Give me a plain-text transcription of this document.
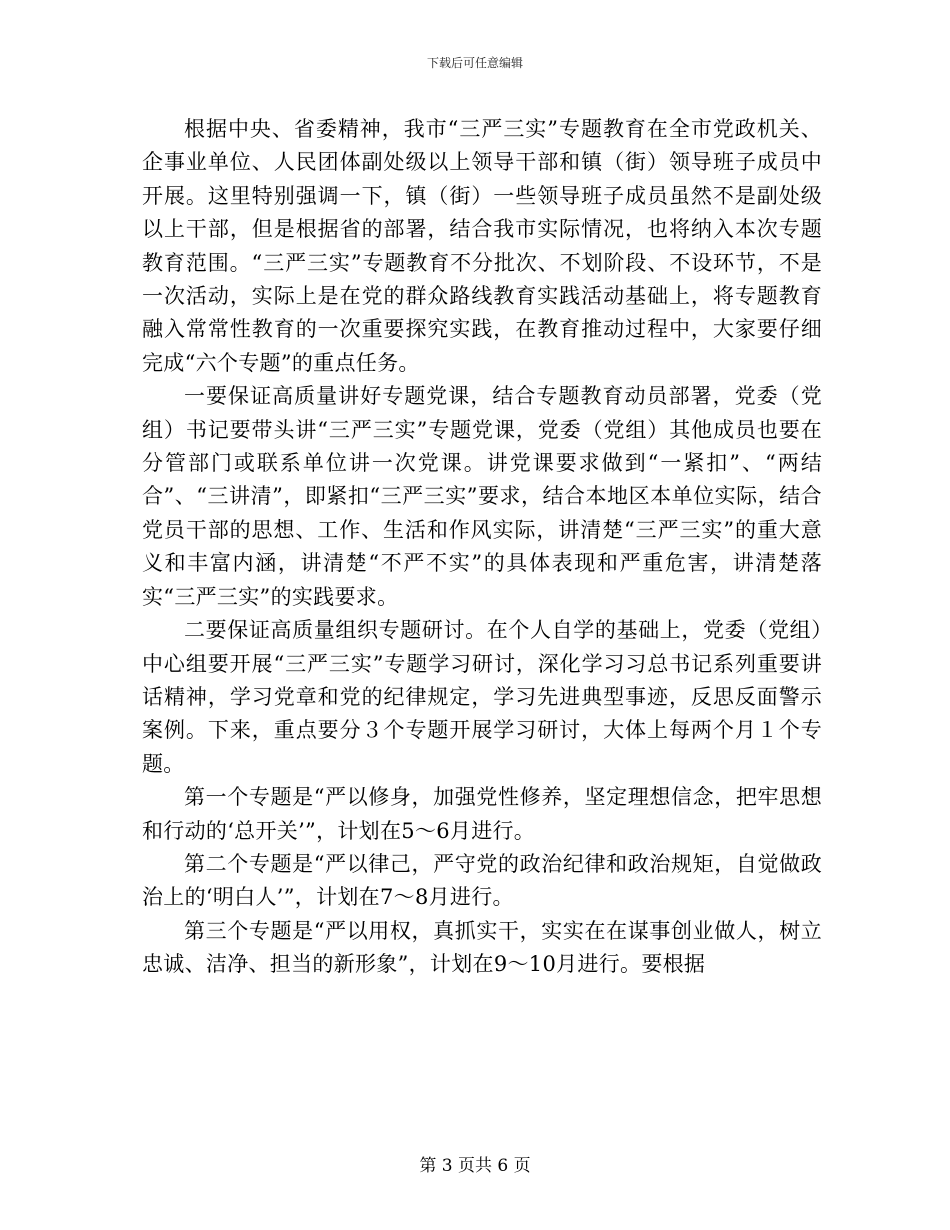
下载后可任意编辑

根据中央、省委精神，我市“三严三实”专题教育在全市党政机关、企事业单位、人民团体副处级以上领导干部和镇（街）领导班子成员中开展。这里特别强调一下，镇（街）一些领导班子成员虽然不是副处级以上干部，但是根据省的部署，结合我市实际情况，也将纳入本次专题教育范围。“三严三实”专题教育不分批次、不划阶段、不设环节，不是一次活动，实际上是在党的群众路线教育实践活动基础上，将专题教育融入常常性教育的一次重要探究实践，在教育推动过程中，大家要仔细完成“六个专题”的重点任务。

一要保证高质量讲好专题党课，结合专题教育动员部署，党委（党组）书记要带头讲“三严三实”专题党课，党委（党组）其他成员也要在分管部门或联系单位讲一次党课。讲党课要求做到“一紧扣”、“两结合”、“三讲清”，即紧扣“三严三实”要求，结合本地区本单位实际，结合党员干部的思想、工作、生活和作风实际，讲清楚“三严三实”的重大意义和丰富内涵，讲清楚“不严不实”的具体表现和严重危害，讲清楚落实“三严三实”的实践要求。

二要保证高质量组织专题研讨。在个人自学的基础上，党委（党组）中心组要开展“三严三实”专题学习研讨，深化学习习总书记系列重要讲话精神，学习党章和党的纪律规定，学习先进典型事迹，反思反面警示案例。下来，重点要分３个专题开展学习研讨，大体上每两个月１个专题。

第一个专题是“严以修身，加强党性修养，坚定理想信念，把牢思想和行动的‘总开关’”，计划在5～6月进行。

第二个专题是“严以律己，严守党的政治纪律和政治规矩，自觉做政治上的‘明白人’”，计划在7～8月进行。

第三个专题是“严以用权，真抓实干，实实在在谋事创业做人，树立忠诚、洁净、担当的新形象”，计划在9～10月进行。要根据

第 3 页共 6 页
